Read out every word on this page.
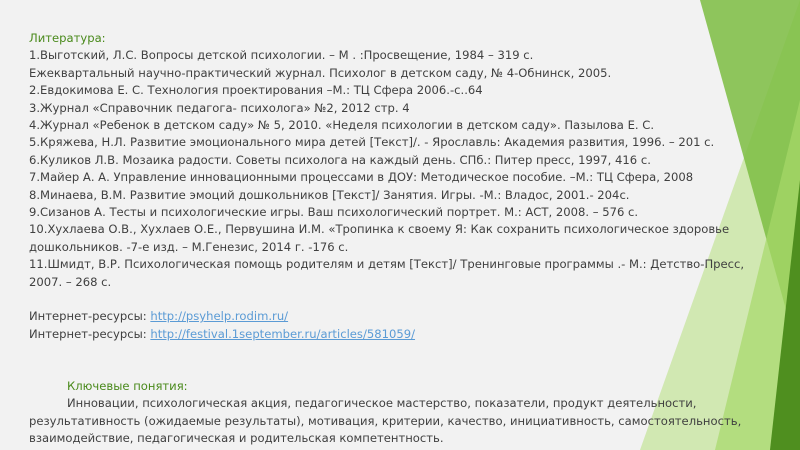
Литература:
1.Выготский, Л.С. Вопросы детской психологии. – М . :Просвещение, 1984 – 319 с.
Ежеквартальный научно-практический журнал. Психолог в детском саду, № 4-Обнинск, 2005.
2.Евдокимова Е. С. Технология проектирования –М.: ТЦ Сфера 2006.-с..64
3.Журнал «Справочник педагога- психолога» №2, 2012 стр. 4
4.Журнал «Ребенок в детском саду» № 5, 2010. «Неделя психологии в детском саду». Пазылова Е. С.
5.Кряжева, Н.Л. Развитие эмоционального мира детей [Текст]/. - Ярославль: Академия развития, 1996. – 201 с.
6.Куликов Л.В. Мозаика радости. Советы психолога на каждый день. СПб.: Питер пресс, 1997, 416 с.
7.Майер А. А. Управление инновационными процессами в ДОУ: Методическое пособие. –М.: ТЦ Сфера, 2008
8.Минаева, В.М. Развитие эмоций дошкольников [Текст]/ Занятия. Игры. -М.: Владос, 2001.- 204с.
9.Сизанов А. Тесты и психологические игры. Ваш психологический портрет. М.: АСТ, 2008. – 576 с.
10.Хухлаева О.В., Хухлаев О.Е., Первушина И.М. «Тропинка к своему Я: Как сохранить психологическое здоровье дошкольников. -7-е изд. – М.Генезис, 2014 г. -176 с.
11.Шмидт, В.Р. Психологическая помощь родителям и детям [Текст]/ Тренинговые программы .- М.: Детство-Пресс, 2007. – 268 с.
Интернет-ресурсы: http://psyhelp.rodim.ru/
Интернет-ресурсы: http://festival.1september.ru/articles/581059/
Ключевые понятия:
Инновации, психологическая акция, педагогическое мастерство, показатели, продукт деятельности, результативность (ожидаемые результаты), мотивация, критерии, качество, инициативность, самостоятельность, взаимодействие, педагогическая и родительская компетентность.
